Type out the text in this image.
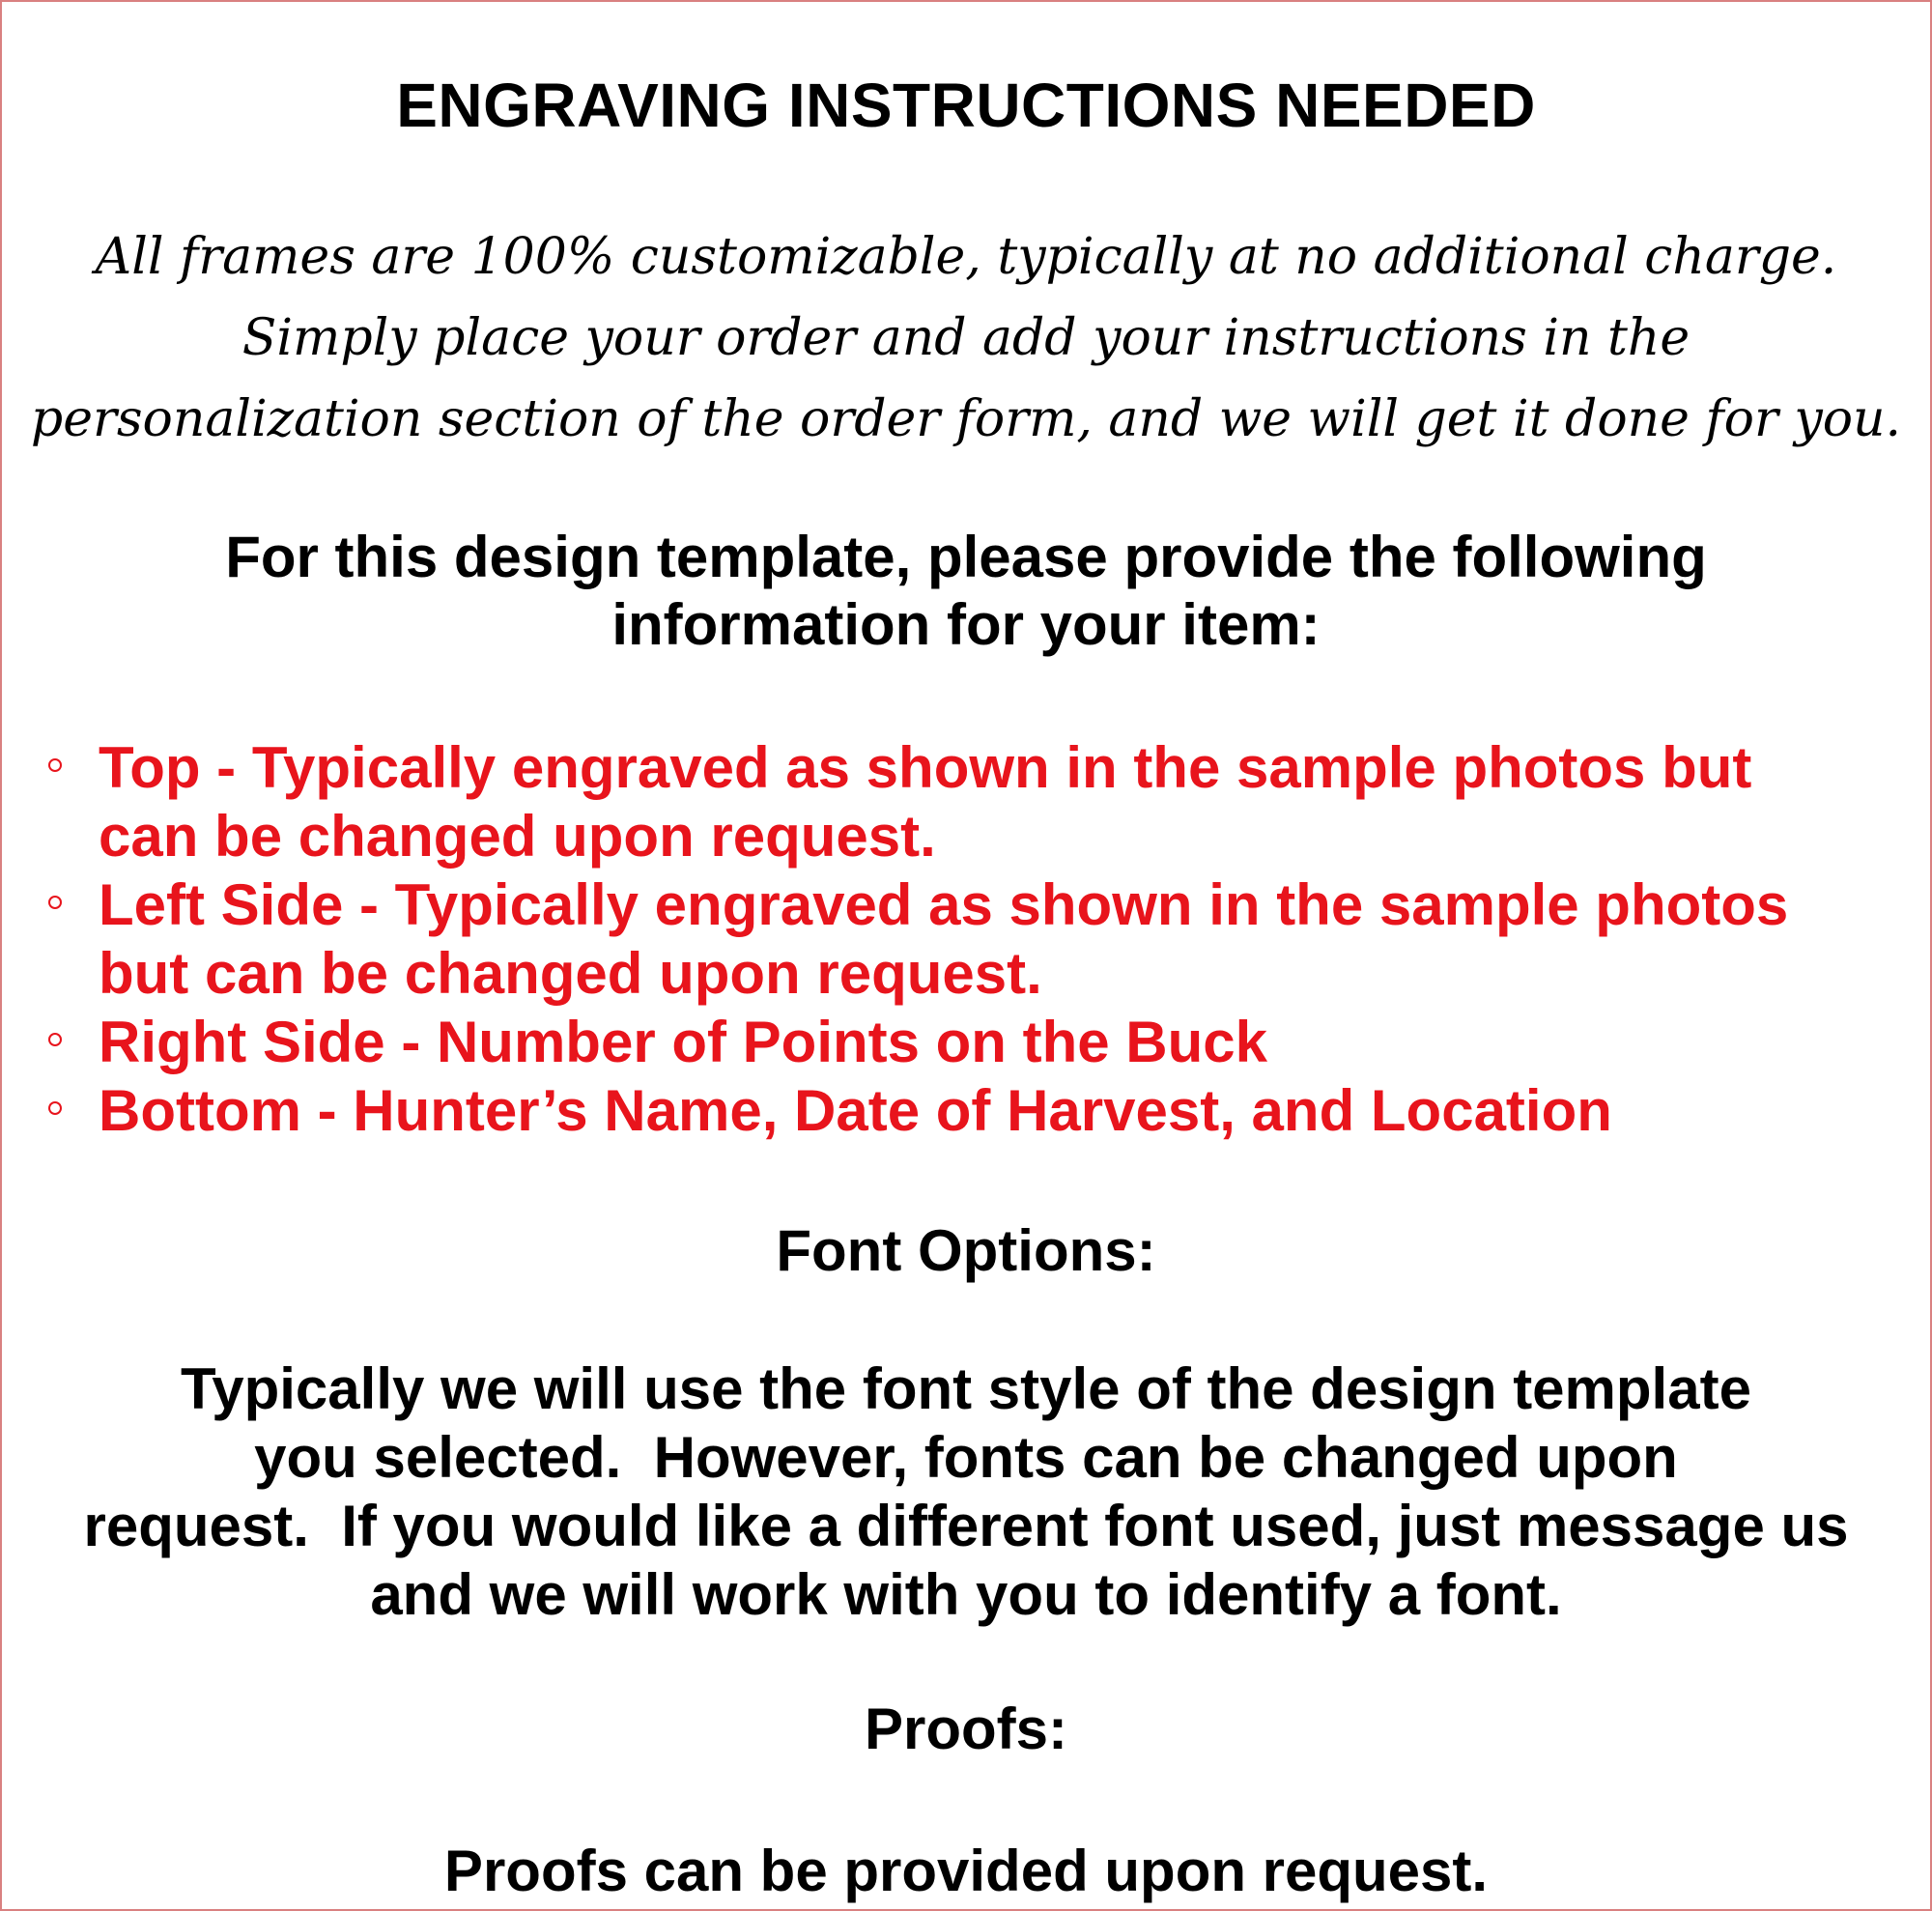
ENGRAVING INSTRUCTIONS NEEDED
All frames are 100% customizable, typically at no additional charge.
Simply place your order and add your instructions in the
personalization section of the order form, and we will get it done for you.
For this design template, please provide the following
information for your item:
Top - Typically engraved as shown in the sample photos but
can be changed upon request.
Left Side - Typically engraved as shown in the sample photos
but can be changed upon request.
Right Side - Number of Points on the Buck
Bottom - Hunter’s Name, Date of Harvest, and Location
Font Options:
Typically we will use the font style of the design template
you selected.  However, fonts can be changed upon
request.  If you would like a different font used, just message us
and we will work with you to identify a font.
Proofs:
Proofs can be provided upon request.
